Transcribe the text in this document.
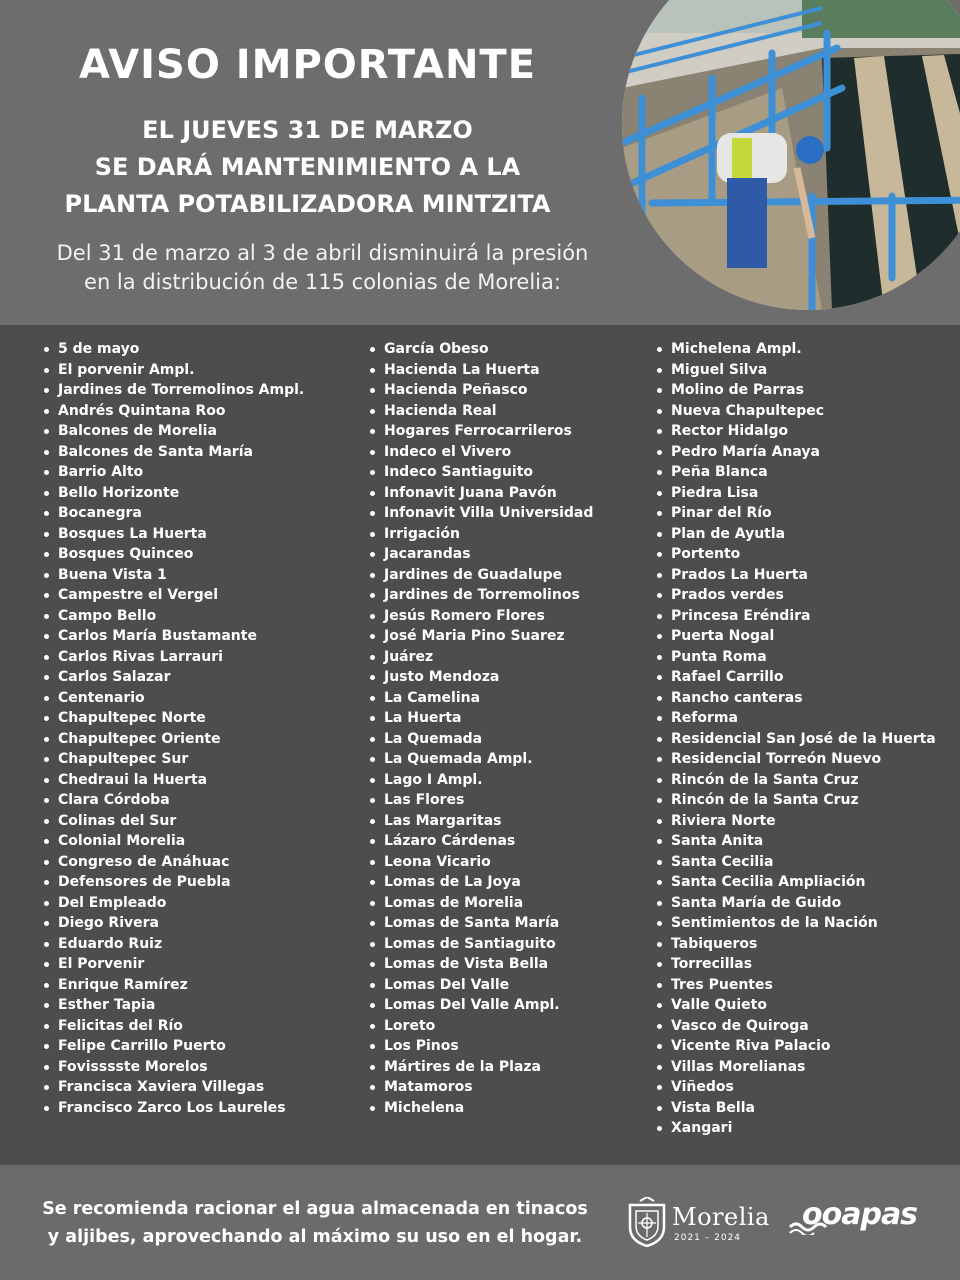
AVISO IMPORTANTE
EL JUEVES 31 DE MARZO
SE DARÁ MANTENIMIENTO A LA
PLANTA POTABILIZADORA MINTZITA
Del 31 de marzo al 3 de abril disminuirá la presión
en la distribución de 115 colonias de Morelia:
5 de mayo
El porvenir Ampl.
Jardines de Torremolinos Ampl.
Andrés Quintana Roo
Balcones de Morelia
Balcones de Santa María
Barrio Alto
Bello Horizonte
Bocanegra
Bosques La Huerta
Bosques Quinceo
Buena Vista 1
Campestre el Vergel
Campo Bello
Carlos María Bustamante
Carlos Rivas Larrauri
Carlos Salazar
Centenario
Chapultepec Norte
Chapultepec Oriente
Chapultepec Sur
Chedraui la Huerta
Clara Córdoba
Colinas del Sur
Colonial Morelia
Congreso de Anáhuac
Defensores de Puebla
Del Empleado
Diego Rivera
Eduardo Ruiz
El Porvenir
Enrique Ramírez
Esther Tapia
Felicitas del Río
Felipe Carrillo Puerto
Fovisssste Morelos
Francisca Xaviera Villegas
Francisco Zarco Los Laureles
García Obeso
Hacienda La Huerta
Hacienda Peñasco
Hacienda Real
Hogares Ferrocarrileros
Indeco el Vivero
Indeco Santiaguito
Infonavit Juana Pavón
Infonavit Villa Universidad
Irrigación
Jacarandas
Jardines de Guadalupe
Jardines de Torremolinos
Jesús Romero Flores
José Maria Pino Suarez
Juárez
Justo Mendoza
La Camelina
La Huerta
La Quemada
La Quemada Ampl.
Lago I Ampl.
Las Flores
Las Margaritas
Lázaro Cárdenas
Leona Vicario
Lomas de La Joya
Lomas de Morelia
Lomas de Santa María
Lomas de Santiaguito
Lomas de Vista Bella
Lomas Del Valle
Lomas Del Valle Ampl.
Loreto
Los Pinos
Mártires de la Plaza
Matamoros
Michelena
Michelena Ampl.
Miguel Silva
Molino de Parras
Nueva Chapultepec
Rector Hidalgo
Pedro María Anaya
Peña Blanca
Piedra Lisa
Pinar del Río
Plan de Ayutla
Portento
Prados La Huerta
Prados verdes
Princesa Eréndira
Puerta Nogal
Punta Roma
Rafael Carrillo
Rancho canteras
Reforma
Residencial San José de la Huerta
Residencial Torreón Nuevo
Rincón de la Santa Cruz
Rincón de la Santa Cruz
Riviera Norte
Santa Anita
Santa Cecilia
Santa Cecilia Ampliación
Santa María de Guido
Sentimientos de la Nación
Tabiqueros
Torrecillas
Tres Puentes
Valle Quieto
Vasco de Quiroga
Vicente Riva Palacio
Villas Morelianas
Viñedos
Vista Bella
Xangari
Se recomienda racionar el agua almacenada en tinacos
y aljibes, aprovechando al máximo su uso en el hogar.
Morelia
2021 – 2024
ooapas
